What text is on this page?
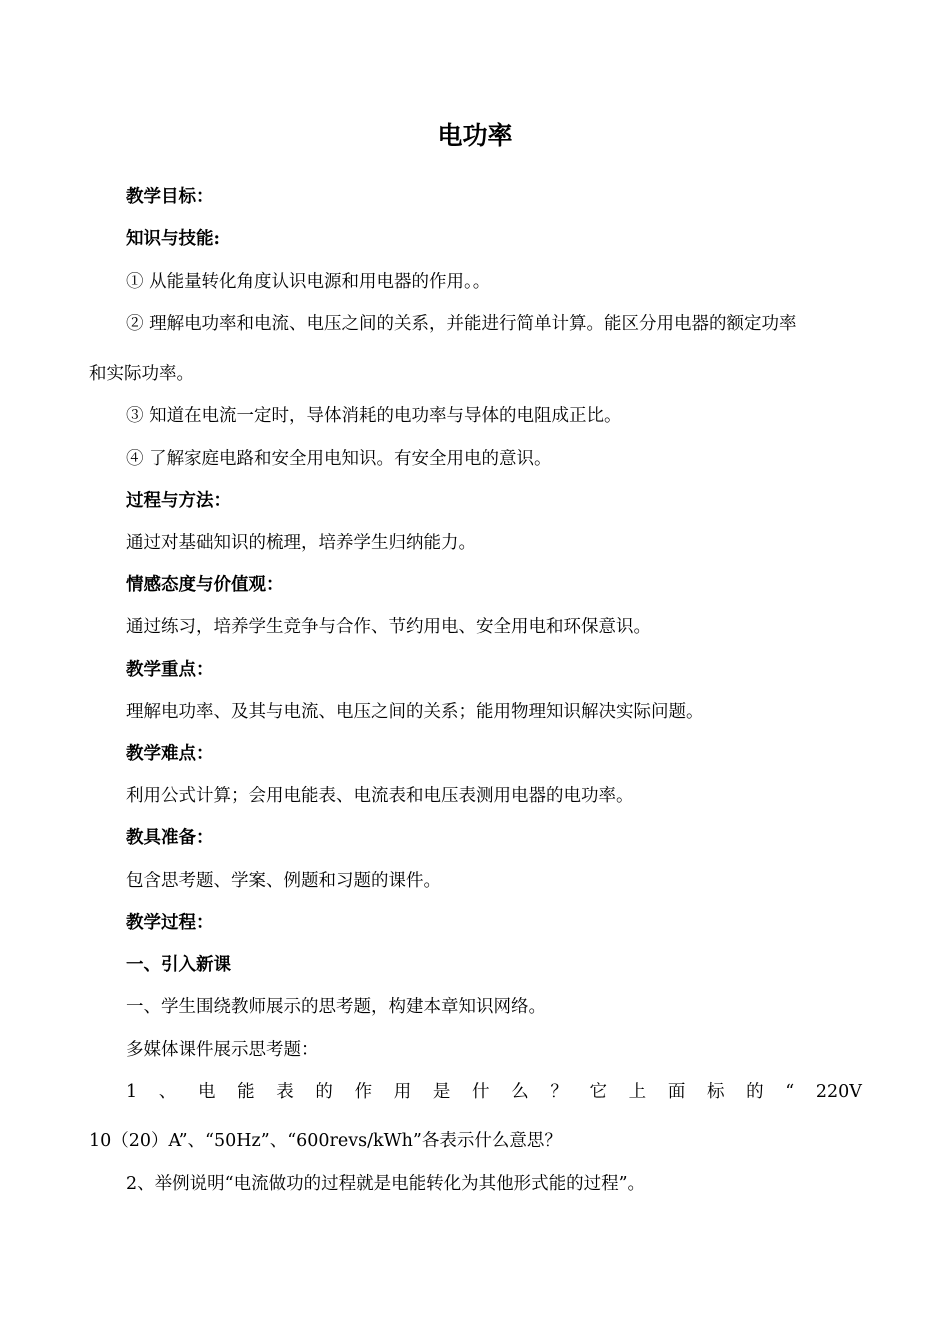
电功率

教学目标：

知识与技能:

① 从能量转化角度认识电源和用电器的作用。。

② 理解电功率和电流、电压之间的关系，并能进行简单计算。能区分用电器的额定功率

和实际功率。

③ 知道在电流一定时，导体消耗的电功率与导体的电阻成正比。

④ 了解家庭电路和安全用电知识。有安全用电的意识。

过程与方法：

通过对基础知识的梳理，培养学生归纳能力。

情感态度与价值观：

通过练习，培养学生竞争与合作、节约用电、安全用电和环保意识。

教学重点：

理解电功率、及其与电流、电压之间的关系；能用物理知识解决实际问题。

教学难点：

利用公式计算；会用电能表、电流表和电压表测用电器的电功率。

教具准备：

包含思考题、学案、例题和习题的课件。

教学过程：

一、引入新课

一、学生围绕教师展示的思考题，构建本章知识网络。

多媒体课件展示思考题：

1 、 电 能 表 的 作 用 是 什 么 ？ 它 上 面 标 的 “ 220V

10（20）A”、“50Hz”、“600revs/kWh”各表示什么意思？

2、举例说明“电流做功的过程就是电能转化为其他形式能的过程”。
